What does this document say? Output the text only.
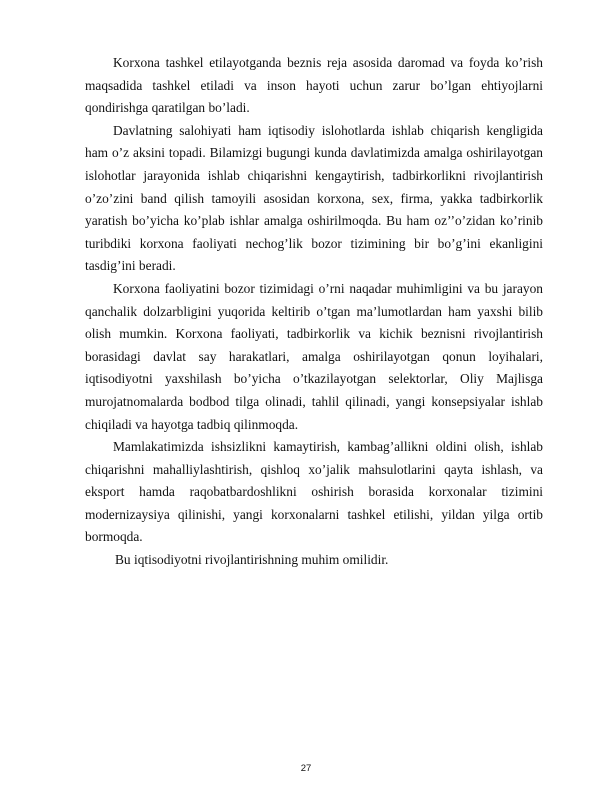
Korxona tashkel etilayotganda beznis reja asosida daromad va foyda ko’rish maqsadida tashkel etiladi va inson hayoti uchun zarur bo’lgan ehtiyojlarni qondirishga qaratilgan bo’ladi.

Davlatning salohiyati ham iqtisodiy islohotlarda ishlab chiqarish kengligida ham o’z aksini topadi. Bilamizgi bugungi kunda davlatimizda amalga oshirilayotgan islohotlar jarayonida ishlab chiqarishni kengaytirish, tadbirkorlikni rivojlantirish o’zo’zini band qilish tamoyili asosidan korxona, sex, firma, yakka tadbirkorlik yaratish bo’yicha ko’plab ishlar amalga oshirilmoqda. Bu ham oz’’o’zidan ko’rinib turibdiki korxona faoliyati nechog’lik bozor tizimining bir bo’g’ini ekanligini tasdig’ini beradi.

Korxona faoliyatini bozor tizimidagi o’rni naqadar muhimligini va bu jarayon qanchalik dolzarbligini yuqorida keltirib o’tgan ma’lumotlardan ham yaxshi bilib olish mumkin. Korxona faoliyati, tadbirkorlik va kichik beznisni rivojlantirish borasidagi davlat say harakatlari, amalga oshirilayotgan qonun loyihalari, iqtisodiyotni yaxshilash bo’yicha o’tkazilayotgan selektorlar, Oliy Majlisga murojatnomalarda bodbod tilga olinadi, tahlil qilinadi, yangi konsepsiyalar ishlab chiqiladi va hayotga tadbiq qilinmoqda.

Mamlakatimizda ishsizlikni kamaytirish, kambag’allikni oldini olish, ishlab chiqarishni mahalliylashtirish, qishloq xo’jalik mahsulotlarini qayta ishlash, va eksport hamda raqobatbardoshlikni oshirish borasida korxonalar tizimini modernizaysiya qilinishi, yangi korxonalarni tashkel etilishi, yildan yilga ortib bormoqda.

Bu iqtisodiyotni rivojlantirishning muhim omilidir.

27
